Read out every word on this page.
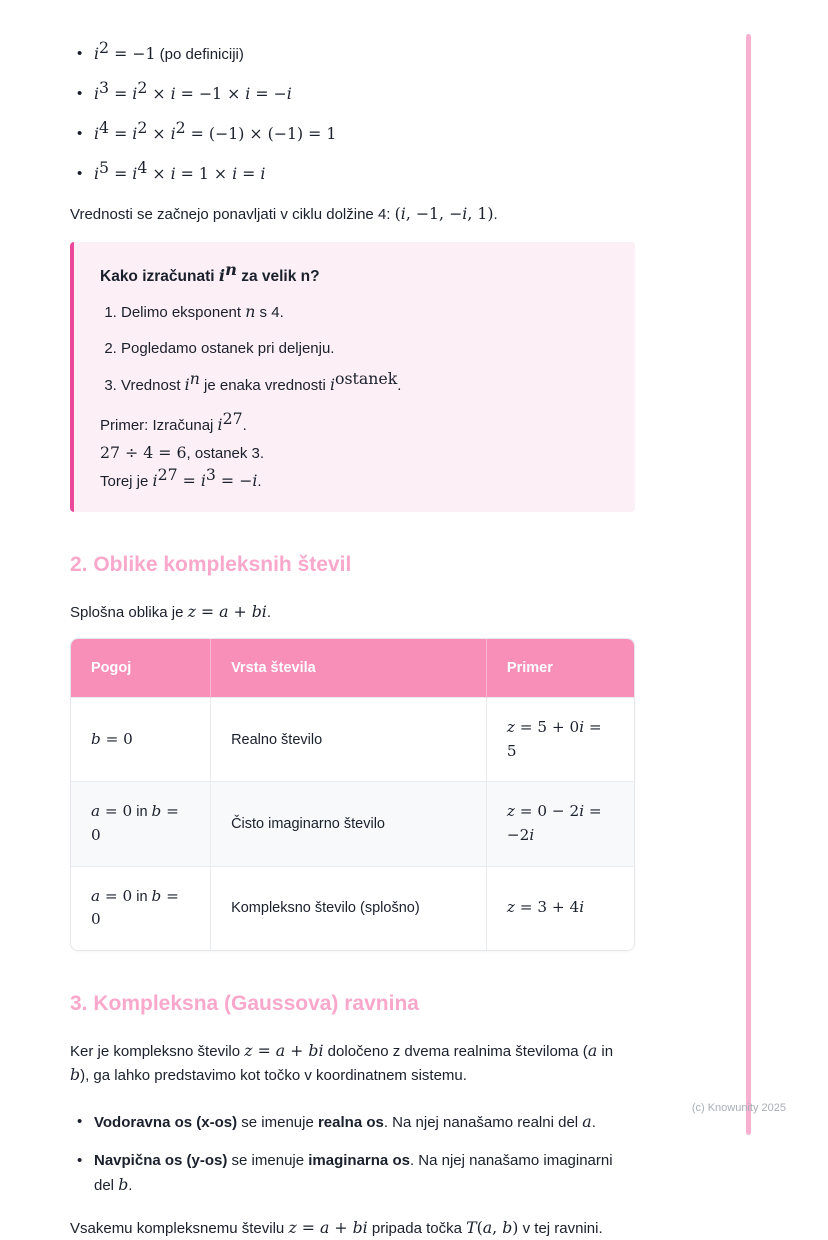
• $i^2 = -1$ (po definiciji)
• $i^3 = i^2 \times i = -1 \times i = -i$
• $i^4 = i^2 \times i^2 = (-1) \times (-1) = 1$
• $i^5 = i^4 \times i = 1 \times i = i$

Vrednosti se začnejo ponavljati v ciklu dolžine 4: (i, −1, −i, 1).

Kako izračunati $i^n$ za velik n?

1. Delimo eksponent n s 4.
2. Pogledamo ostanek pri deljenju.
3. Vrednost $i^n$ je enaka vrednosti $i^{ostanek}$.

Primer: Izračunaj $i^{27}$.

27 ÷ 4 = 6, ostanek 3.

Torej je $i^{27} = i^3 = -i$.

2. Oblike kompleksnih števil

Splošna oblika je z = a + bi.

Pogoj	Vrsta števila	Primer
b = 0	Realno število	z = 5 + 0i = 5
a = 0 in b = 0	Čisto imaginarno število	z = 0 − 2i = −2i
a = 0 in b = 0	Kompleksno število (splošno)	z = 3 + 4i
3. Kompleksna (Gaussova) ravnina

Ker je kompleksno število z = a + bi določeno z dvema realnima številoma (a in b), ga lahko predstavimo kot točko v koordinatnem sistemu.

• Vodoravna os (x-os) se imenuje realna os. Na njej nanašamo realni del a.
• Navpična os (y-os) se imenuje imaginarna os. Na njej nanašamo imaginarni del b.

Vsakemu kompleksnemu številu z = a + bi pripada točka T(a, b) v tej ravnini.

(c) Knowunity 2025
